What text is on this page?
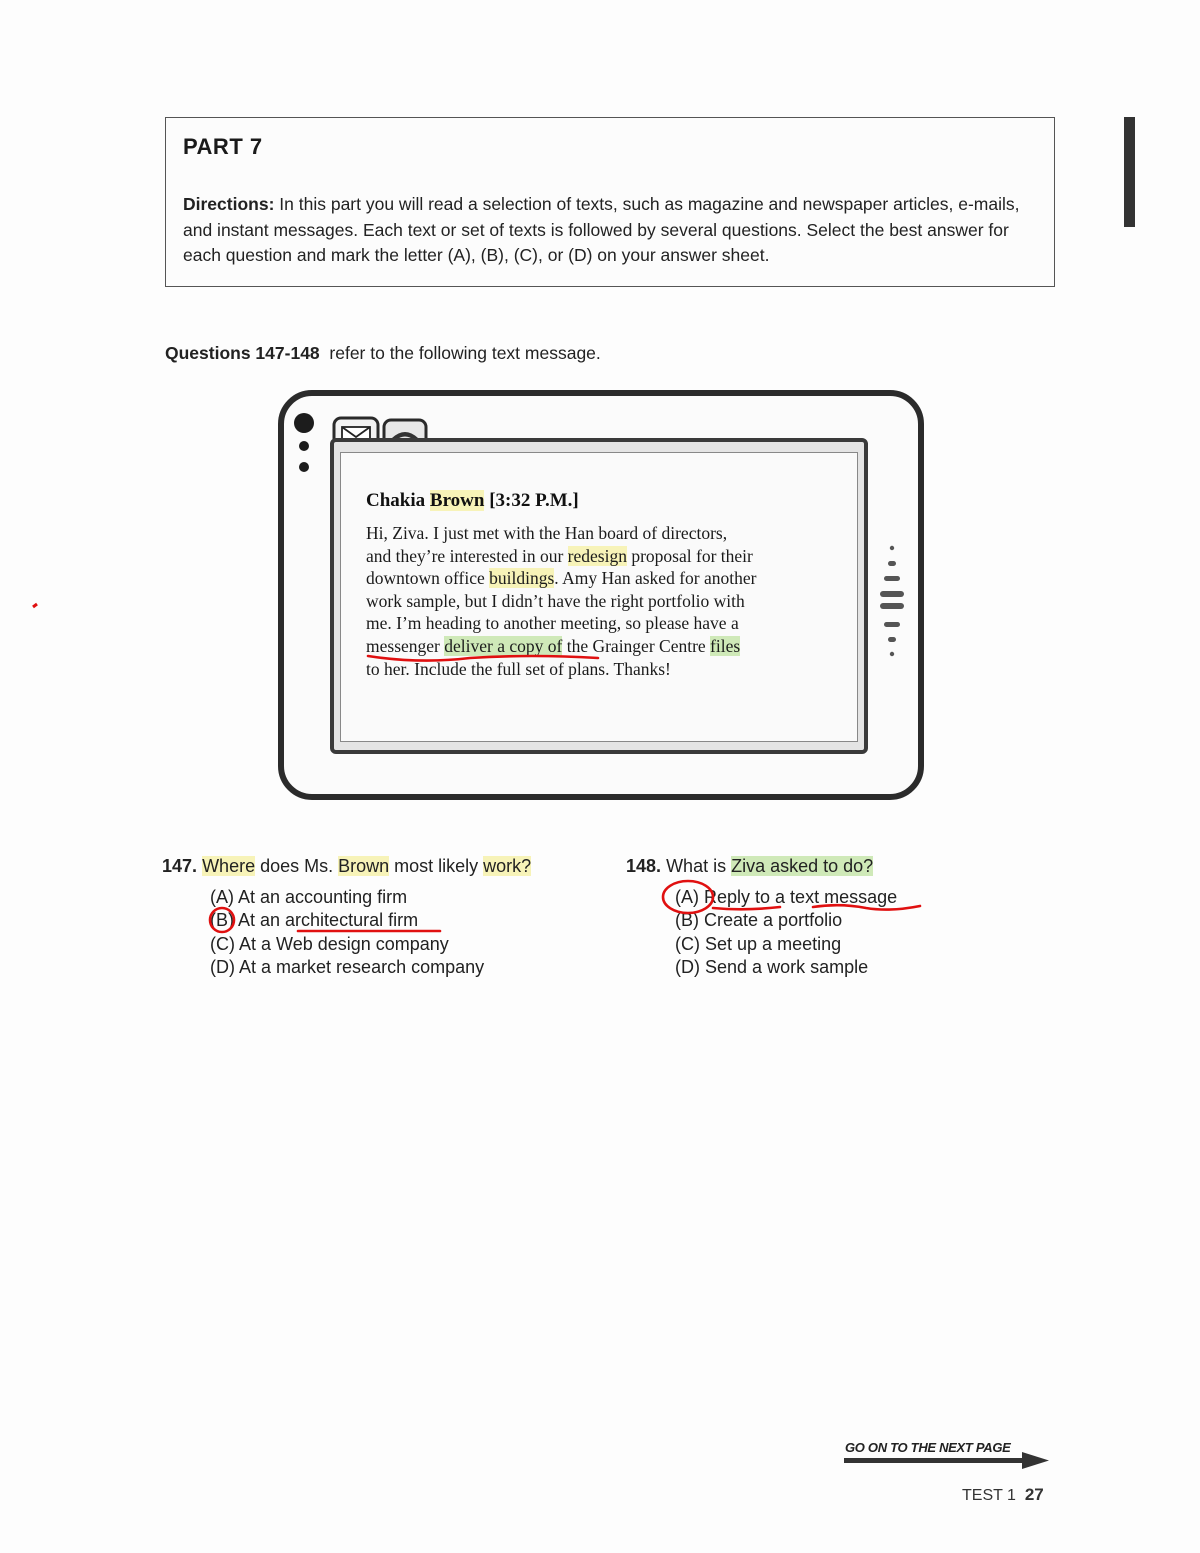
PART 7
Directions: In this part you will read a selection of texts, such as magazine and newspaper articles, e-mails, and instant messages. Each text or set of texts is followed by several questions. Select the best answer for each question and mark the letter (A), (B), (C), or (D) on your answer sheet.
Questions 147-148 refer to the following text message.
Chakia Brown [3:32 P.M.]
Hi, Ziva. I just met with the Han board of directors,
and they’re interested in our redesign proposal for their
downtown office buildings. Amy Han asked for another
work sample, but I didn’t have the right portfolio with
me. I’m heading to another meeting, so please have a
messenger deliver a copy of the Grainger Centre files
to her. Include the full set of plans. Thanks!
147. Where does Ms. Brown most likely work?
(A) At an accounting firm
(B) At an architectural firm
(C) At a Web design company
(D) At a market research company
148. What is Ziva asked to do?
(A) Reply to a text message
(B) Create a portfolio
(C) Set up a meeting
(D) Send a work sample
GO ON TO THE NEXT PAGE
TEST 1 27
